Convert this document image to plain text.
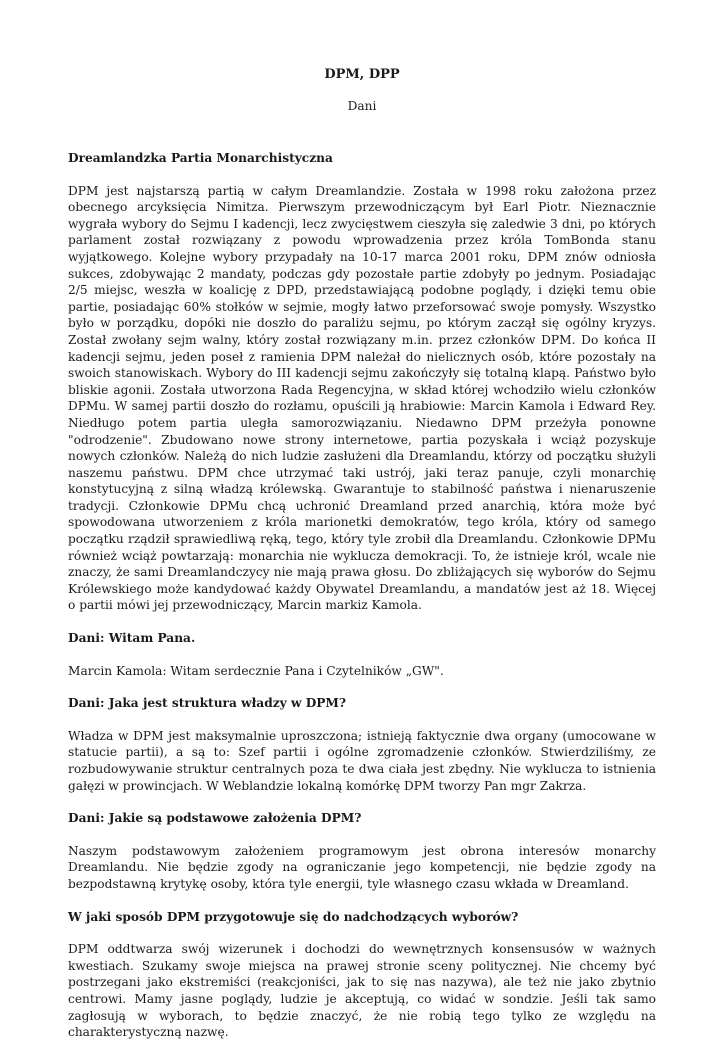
DPM, DPP
Dani
Dreamlandzka Partia Monarchistyczna
DPM jest najstarszą partią w całym Dreamlandzie. Została w 1998 roku założona przez obecnego arcyksięcia Nimitza. Pierwszym przewodniczącym był Earl Piotr. Nieznacznie wygrała wybory do Sejmu I kadencji, lecz zwycięstwem cieszyła się zaledwie 3 dni, po których parlament został rozwiązany z powodu wprowadzenia przez króla TomBonda stanu wyjątkowego. Kolejne wybory przypadały na 10-17 marca 2001 roku, DPM znów odniosła sukces, zdobywając 2 mandaty, podczas gdy pozostałe partie zdobyły po jednym. Posiadając 2/5 miejsc, weszła w koalicję z DPD, przedstawiającą podobne poglądy, i dzięki temu obie partie, posiadając 60% stołków w sejmie, mogły łatwo przeforsować swoje pomysły. Wszystko było w porządku, dopóki nie doszło do paraliżu sejmu, po którym zaczął się ogólny kryzys. Został zwołany sejm walny, który został rozwiązany m.in. przez członków DPM. Do końca II kadencji sejmu, jeden poseł z ramienia DPM należał do nielicznych osób, które pozostały na swoich stanowiskach. Wybory do III kadencji sejmu zakończyły się totalną klapą. Państwo było bliskie agonii. Została utworzona Rada Regencyjna, w skład której wchodziło wielu członków DPMu. W samej partii doszło do rozłamu, opuścili ją hrabiowie: Marcin Kamola i Edward Rey. Niedługo potem partia uległa samorozwiązaniu. Niedawno DPM przeżyła ponowne "odrodzenie". Zbudowano nowe strony internetowe, partia pozyskała i wciąż pozyskuje nowych członków. Należą do nich ludzie zasłużeni dla Dreamlandu, którzy od początku służyli naszemu państwu. DPM chce utrzymać taki ustrój, jaki teraz panuje, czyli monarchię konstytucyjną z silną władzą królewską. Gwarantuje to stabilność państwa i nienaruszenie tradycji. Członkowie DPMu chcą uchronić Dreamland przed anarchią, która może być spowodowana utworzeniem z króla marionetki demokratów, tego króla, który od samego początku rządził sprawiedliwą ręką, tego, który tyle zrobił dla Dreamlandu. Członkowie DPMu również wciąż powtarzają: monarchia nie wyklucza demokracji. To, że istnieje król, wcale nie znaczy, że sami Dreamlandczycy nie mają prawa głosu. Do zbliżających się wyborów do Sejmu Królewskiego może kandydować każdy Obywatel Dreamlandu, a mandatów jest aż 18. Więcej o partii mówi jej przewodniczący, Marcin markiz Kamola.
Dani: Witam Pana.
Marcin Kamola: Witam serdecznie Pana i Czytelników „GW".
Dani: Jaka jest struktura władzy w DPM?
Władza w DPM jest maksymalnie uproszczona; istnieją faktycznie dwa organy (umocowane w statucie partii), a są to: Szef partii i ogólne zgromadzenie członków. Stwierdziliśmy, ze rozbudowywanie struktur centralnych poza te dwa ciała jest zbędny. Nie wyklucza to istnienia gałęzi w prowincjach. W Weblandzie lokalną komórkę DPM tworzy Pan mgr Zakrza.
Dani: Jakie są podstawowe założenia DPM?
Naszym podstawowym założeniem programowym jest obrona interesów monarchy Dreamlandu. Nie będzie zgody na ograniczanie jego kompetencji, nie będzie zgody na bezpodstawną krytykę osoby, która tyle energii, tyle własnego czasu wkłada w Dreamland.
W jaki sposób DPM przygotowuje się do nadchodzących wyborów?
DPM oddtwarza swój wizerunek i dochodzi do wewnętrznych konsensusów w ważnych kwestiach. Szukamy swoje miejsca na prawej stronie sceny politycznej. Nie chcemy być postrzegani jako ekstremiści (reakcjoniści, jak to się nas nazywa), ale też nie jako zbytnio centrowi. Mamy jasne poglądy, ludzie je akceptują, co widać w sondzie. Jeśli tak samo zagłosują w wyborach, to będzie znaczyć, że nie robią tego tylko ze względu na charakterystyczną nazwę.
